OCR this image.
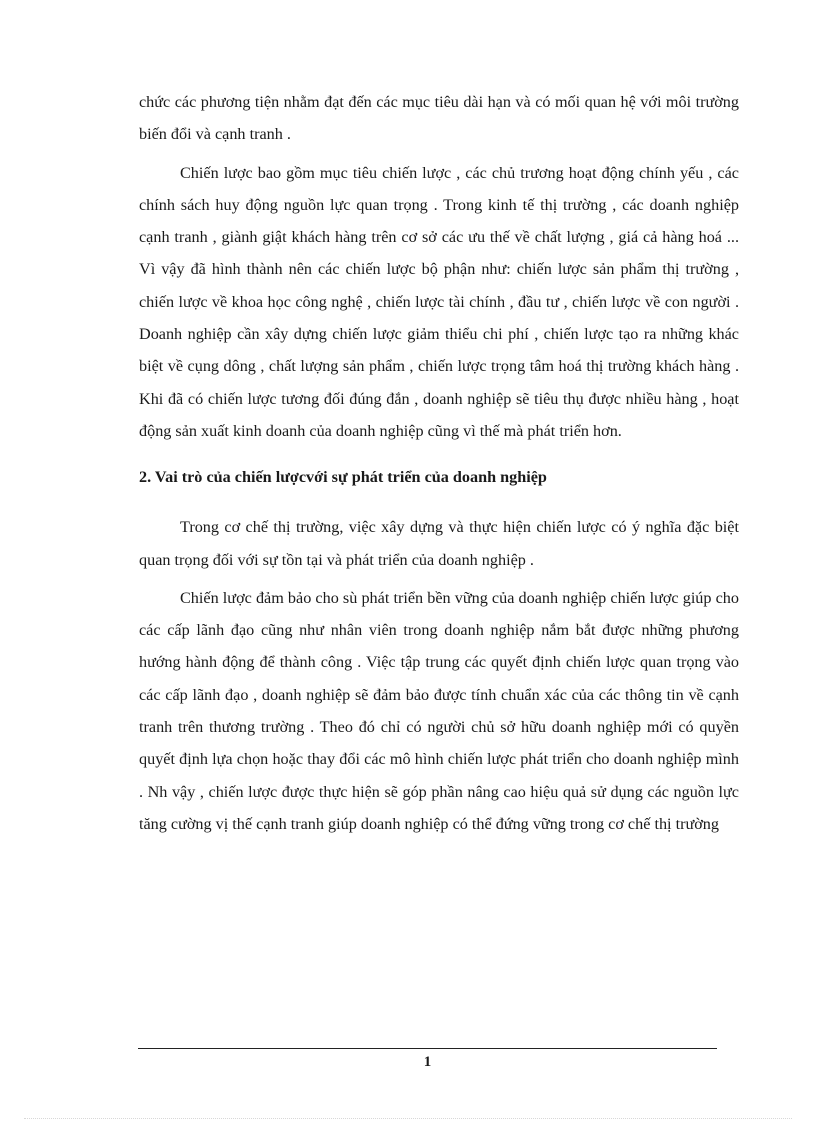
chức các phương tiện nhằm đạt đến các mục tiêu dài hạn và có mối quan hệ với môi trường biến đổi và cạnh tranh .

Chiến lược bao gồm mục tiêu chiến lược , các chủ trương hoạt động chính yếu , các chính sách huy động nguồn lực quan trọng . Trong kinh tế thị trường , các doanh nghiệp cạnh tranh , giành giật khách hàng trên cơ sở các ưu thế về chất lượng , giá cả hàng hoá ... Vì vậy đã hình thành nên các chiến lược bộ phận như: chiến lược sản phẩm thị trường , chiến lược về khoa học công nghệ , chiến lược tài chính , đầu tư , chiến lược về con người . Doanh nghiệp cần xây dựng chiến lược giảm thiểu chi phí , chiến lược tạo ra những khác biệt về cụng dông , chất lượng sản phẩm , chiến lược trọng tâm hoá thị trường khách hàng . Khi đã có chiến lược tương đối đúng đắn , doanh nghiệp sẽ tiêu thụ được nhiều hàng , hoạt động sản xuất kinh doanh của doanh nghiệp cũng vì thế mà phát triển hơn.

2. Vai trò của chiến lượcvới sự phát triển của doanh nghiệp

Trong cơ chế thị trường, việc xây dựng và thực hiện chiến lược có ý nghĩa đặc biệt quan trọng đối với sự tồn tại và phát triển của doanh nghiệp .

Chiến lược đảm bảo cho sù phát triển bền vững của doanh nghiệp chiến lược giúp cho các cấp lãnh đạo cũng như nhân viên trong doanh nghiệp nắm bắt được những phương hướng hành động để thành công . Việc tập trung các quyết định chiến lược quan trọng vào các cấp lãnh đạo , doanh nghiệp sẽ đảm bảo được tính chuẩn xác của các thông tin về cạnh tranh trên thương trường . Theo đó chỉ có người chủ sở hữu doanh nghiệp mới có quyền quyết định lựa chọn hoặc thay đổi các mô hình chiến lược phát triển cho doanh nghiệp mình . Nh vậy , chiến lược được thực hiện sẽ góp phần nâng cao hiệu quả sử dụng các nguồn lực tăng cường vị thế cạnh tranh giúp doanh nghiệp có thể đứng vững trong cơ chế thị trường

1
